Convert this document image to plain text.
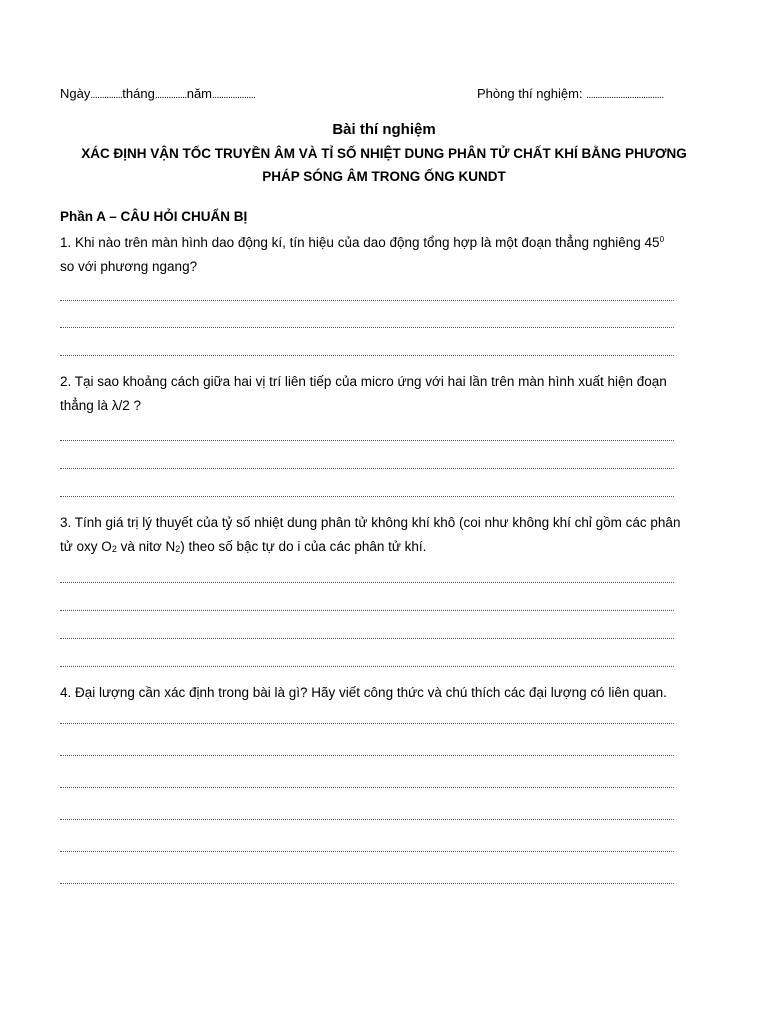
Ngày..............tháng..............năm...................	Phòng thí nghiệm: ..................................
Bài thí nghiệm
XÁC ĐỊNH VẬN TỐC TRUYỀN ÂM VÀ TỈ SỐ NHIỆT DUNG PHÂN TỬ CHẤT KHÍ BẰNG PHƯƠNG
PHÁP SÓNG ÂM TRONG ỐNG KUNDT
Phần A – CÂU HỎI CHUẨN BỊ
1. Khi nào trên màn hình dao động kí, tín hiệu của dao động tổng hợp là một đoạn thẳng nghiêng $45^0$
so với phương ngang?
2. Tại sao khoảng cách giữa hai vị trí liên tiếp của micro ứng với hai lần trên màn hình xuất hiện đoạn
thẳng là λ/2 ?
3. Tính giá trị lý thuyết của tỷ số nhiệt dung phân tử không khí khô (coi như không khí chỉ gồm các phân
tử oxy $O_2$ và nitơ $N_2$) theo số bậc tự do i của các phân tử khí.
4. Đại lượng cần xác định trong bài là gì? Hãy viết công thức và chú thích các đại lượng có liên quan.
